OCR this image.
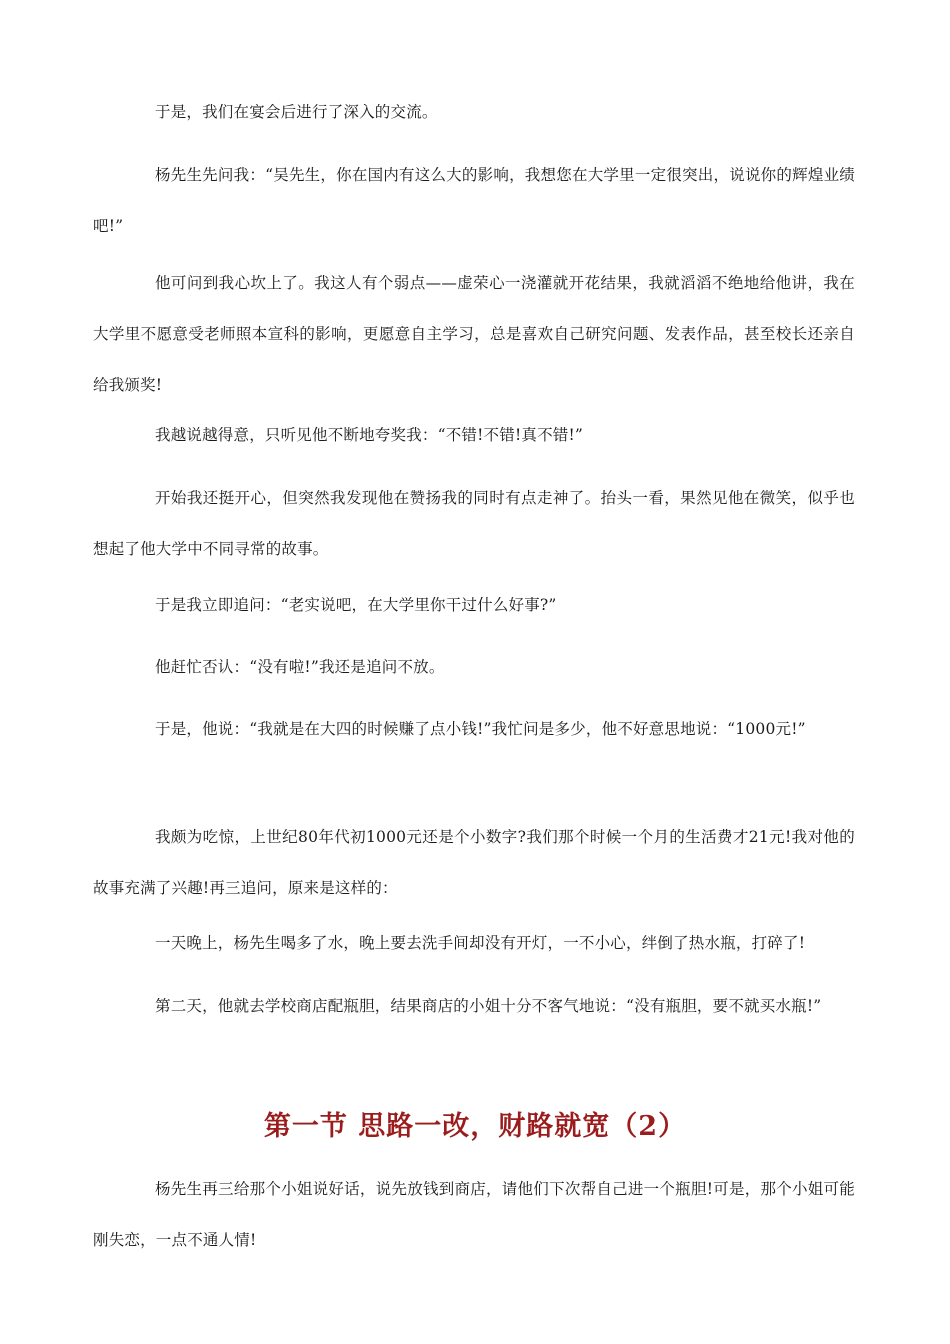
于是，我们在宴会后进行了深入的交流。

杨先生先问我：“吴先生，你在国内有这么大的影响，我想您在大学里一定很突出，说说你的辉煌业绩吧!”

他可问到我心坎上了。我这人有个弱点——虚荣心一浇灌就开花结果，我就滔滔不绝地给他讲，我在大学里不愿意受老师照本宣科的影响，更愿意自主学习，总是喜欢自己研究问题、发表作品，甚至校长还亲自给我颁奖!

我越说越得意，只听见他不断地夸奖我：“不错!不错!真不错!”

开始我还挺开心，但突然我发现他在赞扬我的同时有点走神了。抬头一看，果然见他在微笑，似乎也想起了他大学中不同寻常的故事。

于是我立即追问：“老实说吧，在大学里你干过什么好事?”

他赶忙否认：“没有啦!”我还是追问不放。

于是，他说：“我就是在大四的时候赚了点小钱!”我忙问是多少，他不好意思地说：“1000元!”

我颇为吃惊，上世纪80年代初1000元还是个小数字?我们那个时候一个月的生活费才21元!我对他的故事充满了兴趣!再三追问，原来是这样的：

一天晚上，杨先生喝多了水，晚上要去洗手间却没有开灯，一不小心，绊倒了热水瓶，打碎了!

第二天，他就去学校商店配瓶胆，结果商店的小姐十分不客气地说：“没有瓶胆，要不就买水瓶!”

第一节 思路一改，财路就宽（2）

杨先生再三给那个小姐说好话，说先放钱到商店，请他们下次帮自己进一个瓶胆!可是，那个小姐可能刚失恋，一点不通人情!
